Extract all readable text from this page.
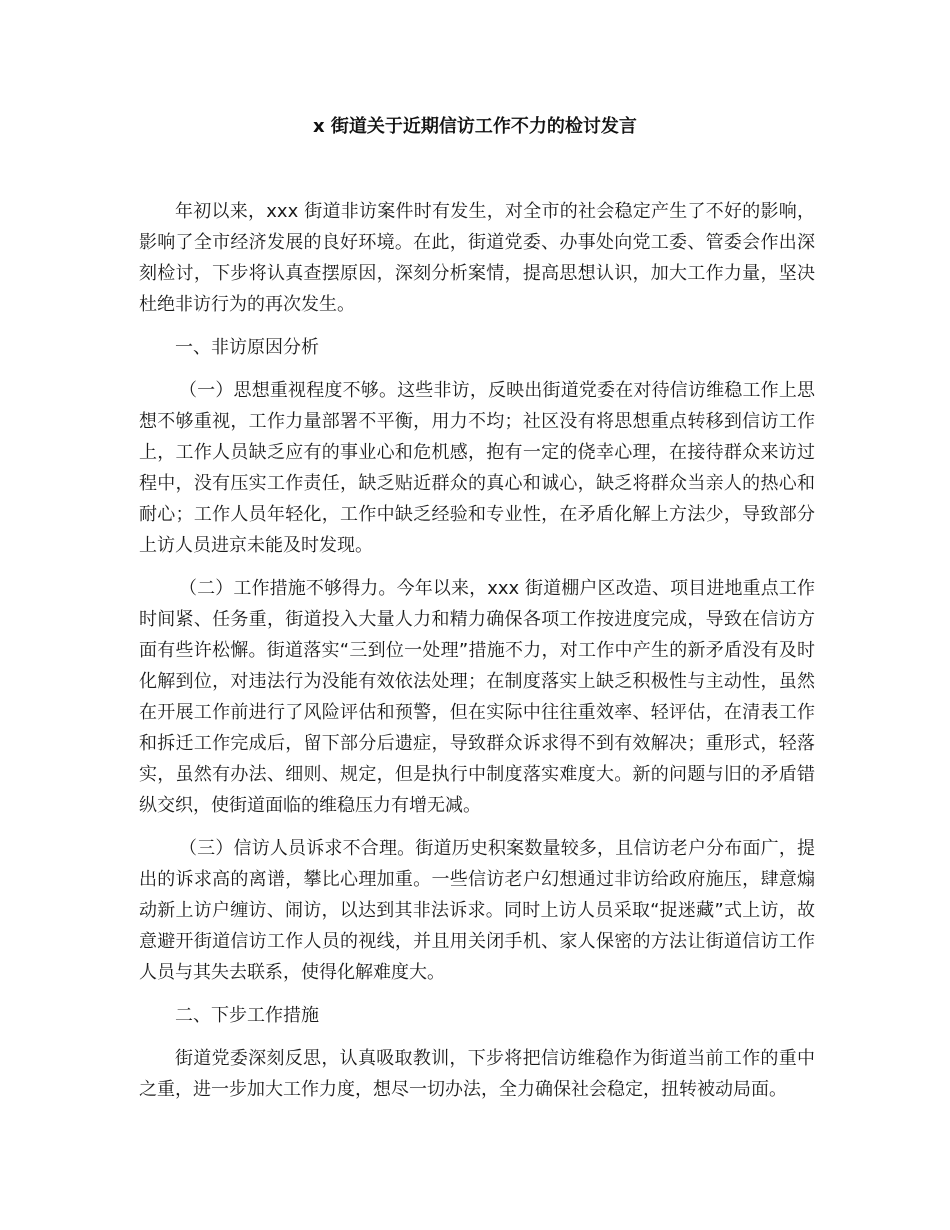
x 街道关于近期信访工作不力的检讨发言

年初以来，xxx 街道非访案件时有发生，对全市的社会稳定产生了不好的影响，影响了全市经济发展的良好环境。在此，街道党委、办事处向党工委、管委会作出深刻检讨，下步将认真查摆原因，深刻分析案情，提高思想认识，加大工作力量，坚决杜绝非访行为的再次发生。

一、非访原因分析

（一）思想重视程度不够。这些非访，反映出街道党委在对待信访维稳工作上思想不够重视，工作力量部署不平衡，用力不均；社区没有将思想重点转移到信访工作上，工作人员缺乏应有的事业心和危机感，抱有一定的侥幸心理，在接待群众来访过程中，没有压实工作责任，缺乏贴近群众的真心和诚心，缺乏将群众当亲人的热心和耐心；工作人员年轻化，工作中缺乏经验和专业性，在矛盾化解上方法少，导致部分上访人员进京未能及时发现。

（二）工作措施不够得力。今年以来，xxx 街道棚户区改造、项目进地重点工作时间紧、任务重，街道投入大量人力和精力确保各项工作按进度完成，导致在信访方面有些许松懈。街道落实“三到位一处理”措施不力，对工作中产生的新矛盾没有及时化解到位，对违法行为没能有效依法处理；在制度落实上缺乏积极性与主动性，虽然在开展工作前进行了风险评估和预警，但在实际中往往重效率、轻评估，在清表工作和拆迁工作完成后，留下部分后遗症，导致群众诉求得不到有效解决；重形式，轻落实，虽然有办法、细则、规定，但是执行中制度落实难度大。新的问题与旧的矛盾错纵交织，使街道面临的维稳压力有增无减。

（三）信访人员诉求不合理。街道历史积案数量较多，且信访老户分布面广，提出的诉求高的离谱，攀比心理加重。一些信访老户幻想通过非访给政府施压，肆意煽动新上访户缠访、闹访，以达到其非法诉求。同时上访人员采取“捉迷藏”式上访，故意避开街道信访工作人员的视线，并且用关闭手机、家人保密的方法让街道信访工作人员与其失去联系，使得化解难度大。

二、下步工作措施

街道党委深刻反思，认真吸取教训，下步将把信访维稳作为街道当前工作的重中之重，进一步加大工作力度，想尽一切办法，全力确保社会稳定，扭转被动局面。
